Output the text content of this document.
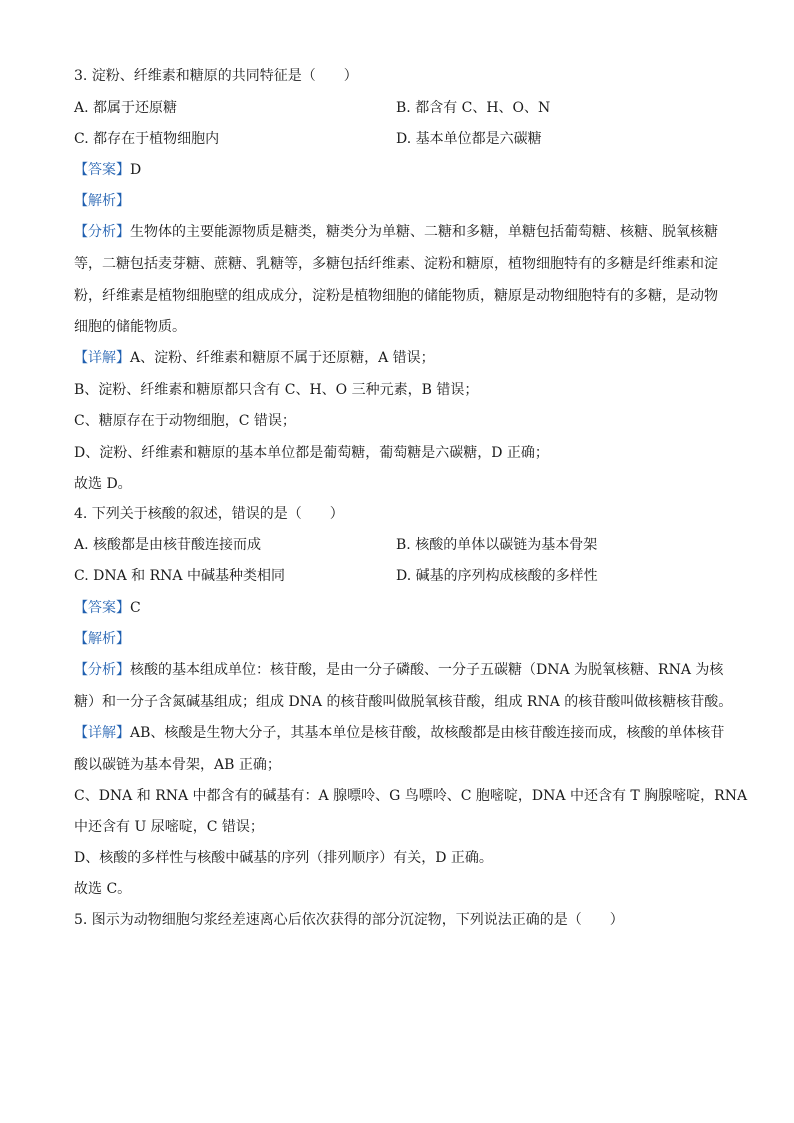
3. 淀粉、纤维素和糖原的共同特征是（　　）
A. 都属于还原糖	B. 都含有 C、H、O、N
C. 都存在于植物细胞内	D. 基本单位都是六碳糖
【答案】D
【解析】
【分析】生物体的主要能源物质是糖类，糖类分为单糖、二糖和多糖，单糖包括葡萄糖、核糖、脱氧核糖
等，二糖包括麦芽糖、蔗糖、乳糖等，多糖包括纤维素、淀粉和糖原，植物细胞特有的多糖是纤维素和淀
粉，纤维素是植物细胞壁的组成成分，淀粉是植物细胞的储能物质，糖原是动物细胞特有的多糖，是动物
细胞的储能物质。
【详解】A、淀粉、纤维素和糖原不属于还原糖，A 错误；
B、淀粉、纤维素和糖原都只含有 C、H、O 三种元素，B 错误；
C、糖原存在于动物细胞，C 错误；
D、淀粉、纤维素和糖原的基本单位都是葡萄糖，葡萄糖是六碳糖，D 正确；
故选 D。
4. 下列关于核酸的叙述，错误的是（　　）
A. 核酸都是由核苷酸连接而成	B. 核酸的单体以碳链为基本骨架
C. DNA 和 RNA 中碱基种类相同	D. 碱基的序列构成核酸的多样性
【答案】C
【解析】
【分析】核酸的基本组成单位：核苷酸，是由一分子磷酸、一分子五碳糖（DNA 为脱氧核糖、RNA 为核
糖）和一分子含氮碱基组成；组成 DNA 的核苷酸叫做脱氧核苷酸，组成 RNA 的核苷酸叫做核糖核苷酸。
【详解】AB、核酸是生物大分子，其基本单位是核苷酸，故核酸都是由核苷酸连接而成，核酸的单体核苷
酸以碳链为基本骨架，AB 正确；
C、DNA 和 RNA 中都含有的碱基有：A 腺嘌呤、G 鸟嘌呤、C 胞嘧啶，DNA 中还含有 T 胸腺嘧啶，RNA
中还含有 U 尿嘧啶，C 错误；
D、核酸的多样性与核酸中碱基的序列（排列顺序）有关，D 正确。
故选 C。
5. 图示为动物细胞匀浆经差速离心后依次获得的部分沉淀物，下列说法正确的是（　　）
